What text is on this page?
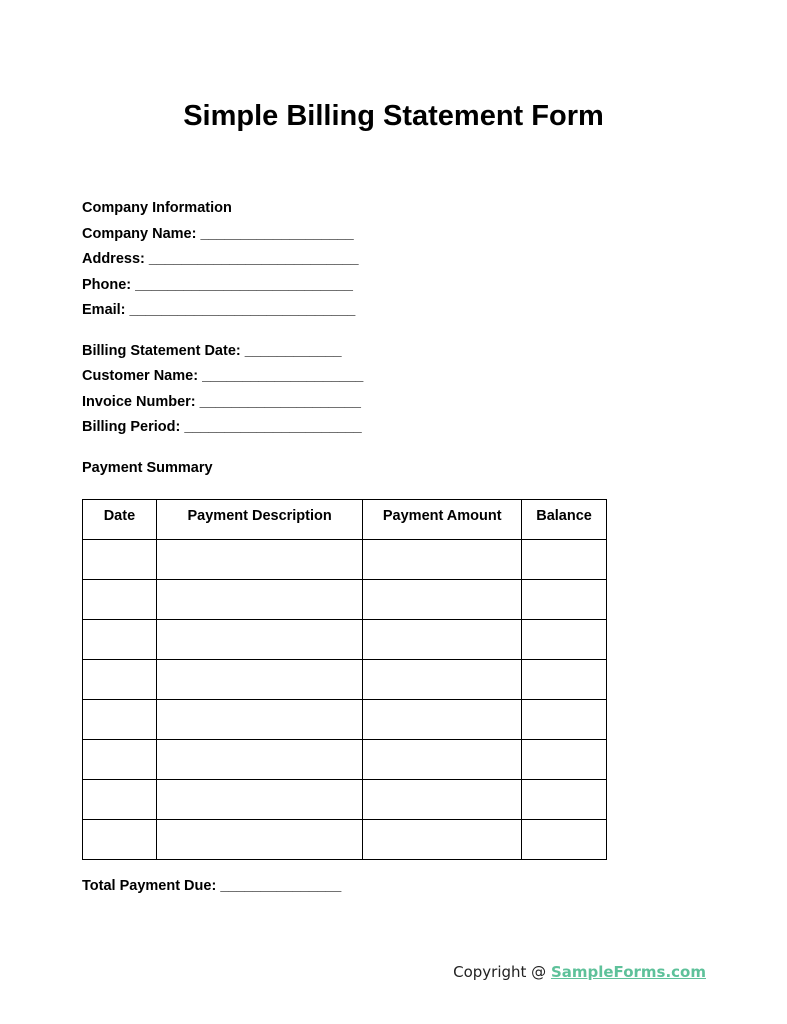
Simple Billing Statement Form
Company Information
Company Name: ___________________
Address: __________________________
Phone: ___________________________
Email: ____________________________
Billing Statement Date: ____________
Customer Name: ____________________
Invoice Number: ____________________
Billing Period: ______________________
Payment Summary
Date	Payment Description	Payment Amount	Balance

Total Payment Due: _______________
Copyright @ SampleForms.com
